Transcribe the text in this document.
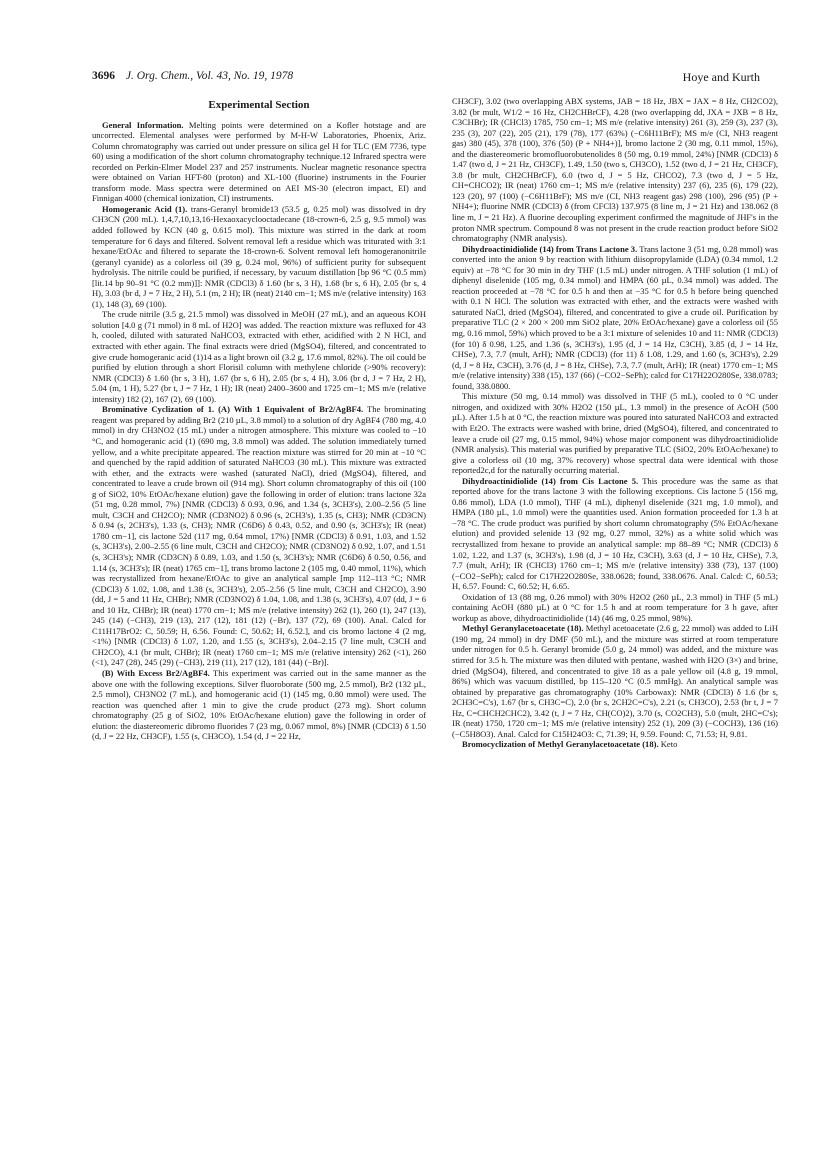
3696 J. Org. Chem., Vol. 43, No. 19, 1978	Hoye and Kurth
Experimental Section

General Information. Melting points were determined on a Kofler hotstage and are uncorrected. Elemental analyses were performed by M-H-W Laboratories, Phoenix, Ariz. Column chromatography was carried out under pressure on silica gel H for TLC (EM 7736, type 60) using a modification of the short column chromatography technique.12 Infrared spectra were recorded on Perkin-Elmer Model 237 and 257 instruments. Nuclear magnetic resonance spectra were obtained on Varian HFT-80 (proton) and XL-100 (fluorine) instruments in the Fourier transform mode. Mass spectra were determined on AEI MS-30 (electron impact, EI) and Finnigan 4000 (chemical ionization, CI) instruments.

Homogeranic Acid (1). trans-Geranyl bromide13 (53.5 g, 0.25 mol) was dissolved in dry CH3CN (200 mL). 1,4,7,10,13,16-Hexaoxacyclooctadecane (18-crown-6, 2.5 g, 9.5 mmol) was added followed by KCN (40 g, 0.615 mol). This mixture was stirred in the dark at room temperature for 6 days and filtered. Solvent removal left a residue which was triturated with 3:1 hexane/EtOAc and filtered to separate the 18-crown-6. Solvent removal left homogeranonitrile (geranyl cyanide) as a colorless oil (39 g, 0.24 mol, 96%) of sufficient purity for subsequent hydrolysis. The nitrile could be purified, if necessary, by vacuum distillation [bp 96 °C (0.5 mm) [lit.14 bp 90–91 °C (0.2 mm)]]: NMR (CDCl3) δ 1.60 (br s, 3 H), 1.68 (br s, 6 H), 2.05 (br s, 4 H), 3.03 (br d, J = 7 Hz, 2 H), 5.1 (m, 2 H); IR (neat) 2140 cm−1; MS m/e (relative intensity) 163 (1), 148 (3), 69 (100).

The crude nitrile (3.5 g, 21.5 mmol) was dissolved in MeOH (27 mL), and an aqueous KOH solution [4.0 g (71 mmol) in 8 mL of H2O] was added. The reaction mixture was refluxed for 43 h, cooled, diluted with saturated NaHCO3, extracted with ether, acidified with 2 N HCl, and extracted with ether again. The final extracts were dried (MgSO4), filtered, and concentrated to give crude homogeranic acid (1)14 as a light brown oil (3.2 g, 17.6 mmol, 82%). The oil could be purified by elution through a short Florisil column with methylene chloride (>90% recovery): NMR (CDCl3) δ 1.60 (br s, 3 H), 1.67 (br s, 6 H), 2.05 (br s, 4 H), 3.06 (br d, J = 7 Hz, 2 H), 5.04 (m, 1 H), 5.27 (br t, J = 7 Hz, 1 H); IR (neat) 2400–3600 and 1725 cm−1; MS m/e (relative intensity) 182 (2), 167 (2), 69 (100).

Brominative Cyclization of 1. (A) With 1 Equivalent of Br2/AgBF4. The brominating reagent was prepared by adding Br2 (210 µL, 3.8 mmol) to a solution of dry AgBF4 (780 mg, 4.0 mmol) in dry CH3NO2 (15 mL) under a nitrogen atmosphere. This mixture was cooled to −10 °C, and homogeranic acid (1) (690 mg, 3.8 mmol) was added. The solution immediately turned yellow, and a white precipitate appeared. The reaction mixture was stirred for 20 min at −10 °C and quenched by the rapid addition of saturated NaHCO3 (30 mL). This mixture was extracted with ether, and the extracts were washed (saturated NaCl), dried (MgSO4), filtered, and concentrated to leave a crude brown oil (914 mg). Short column chromatography of this oil (100 g of SiO2, 10% EtOAc/hexane elution) gave the following in order of elution: trans lactone 32a (51 mg, 0.28 mmol, 7%) [NMR (CDCl3) δ 0.93, 0.96, and 1.34 (s, 3CH3's), 2.00–2.56 (5 line mult, C3CH and CH2CO); NMR (CD3NO2) δ 0.96 (s, 2CH3's), 1.35 (s, CH3); NMR (CD3CN) δ 0.94 (s, 2CH3's), 1.33 (s, CH3); NMR (C6D6) δ 0.43, 0.52, and 0.90 (s, 3CH3's); IR (neat) 1780 cm−1], cis lactone 52d (117 mg, 0.64 mmol, 17%) [NMR (CDCl3) δ 0.91, 1.03, and 1.52 (s, 3CH3's), 2.00–2.55 (6 line mult, C3CH and CH2CO); NMR (CD3NO2) δ 0.92, 1.07, and 1.51 (s, 3CH3's); NMR (CD3CN) δ 0.89, 1.03, and 1.50 (s, 3CH3's); NMR (C6D6) δ 0.50, 0.56, and 1.14 (s, 3CH3's); IR (neat) 1765 cm−1], trans bromo lactone 2 (105 mg, 0.40 mmol, 11%), which was recrystallized from hexane/EtOAc to give an analytical sample [mp 112–113 °C; NMR (CDCl3) δ 1.02, 1.08, and 1.38 (s, 3CH3's), 2.05–2.56 (5 line mult, C3CH and CH2CO), 3.90 (dd, J = 5 and 11 Hz, CHBr); NMR (CD3NO2) δ 1.04, 1.08, and 1.38 (s, 3CH3's), 4.07 (dd, J = 6 and 10 Hz, CHBr); IR (neat) 1770 cm−1; MS m/e (relative intensity) 262 (1), 260 (1), 247 (13), 245 (14) (−CH3), 219 (13), 217 (12), 181 (12) (−Br), 137 (72), 69 (100). Anal. Calcd for C11H17BrO2: C, 50.59; H, 6.56. Found: C, 50.62; H, 6.52.], and cis bromo lactone 4 (2 mg, <1%) [NMR (CDCl3) δ 1.07, 1.20, and 1.55 (s, 3CH3's), 2.04–2.15 (7 line mult, C3CH and CH2CO), 4.1 (br mult, CHBr); IR (neat) 1760 cm−1; MS m/e (relative intensity) 262 (<1), 260 (<1), 247 (28), 245 (29) (−CH3), 219 (11), 217 (12), 181 (44) (−Br)].

(B) With Excess Br2/AgBF4. This experiment was carried out in the same manner as the above one with the following exceptions. Silver fluoroborate (500 mg, 2.5 mmol), Br2 (132 µL, 2.5 mmol), CH3NO2 (7 mL), and homogeranic acid (1) (145 mg, 0.80 mmol) were used. The reaction was quenched after 1 min to give the crude product (273 mg). Short column chromatography (25 g of SiO2, 10% EtOAc/hexane elution) gave the following in order of elution: the diastereomeric dibromo fluorides 7 (23 mg, 0.067 mmol, 8%) [NMR (CDCl3) δ 1.50 (d, J = 22 Hz, CH3CF), 1.55 (s, CH3CO), 1.54 (d, J = 22 Hz,

CH3CF), 3.02 (two overlapping ABX systems, JAB = 18 Hz, JBX = JAX = 8 Hz, CH2CO2), 3.82 (br mult, W1/2 = 16 Hz, CH2CHBrCF), 4.28 (two overlapping dd, JXA = JXB = 8 Hz, C3CHBr); IR (CHCl3) 1785, 750 cm−1; MS m/e (relative intensity) 261 (3), 259 (3), 237 (3), 235 (3), 207 (22), 205 (21), 179 (78), 177 (63%) (−C6H11BrF); MS m/e (CI, NH3 reagent gas) 380 (45), 378 (100), 376 (50) (P + NH4+)], bromo lactone 2 (30 mg, 0.11 mmol, 15%), and the diastereomeric bromofluorobutenolides 8 (50 mg, 0.19 mmol, 24%) [NMR (CDCl3) δ 1.47 (two d, J = 21 Hz, CH3CF), 1.49, 1.50 (two s, CH3CO), 1.52 (two d, J = 21 Hz, CH3CF), 3.8 (br mult, CH2CHBrCF), 6.0 (two d, J = 5 Hz, CHCO2), 7.3 (two d, J = 5 Hz, CH=CHCO2); IR (neat) 1760 cm−1; MS m/e (relative intensity) 237 (6), 235 (6), 179 (22), 123 (20), 97 (100) (−C6H11BrF); MS m/e (CI, NH3 reagent gas) 298 (100), 296 (95) (P + NH4+); fluorine NMR (CDCl3) δ (from CFCl3) 137.975 (8 line m, J = 21 Hz) and 138.062 (8 line m, J = 21 Hz). A fluorine decoupling experiment confirmed the magnitude of JHF's in the proton NMR spectrum. Compound 8 was not present in the crude reaction product before SiO2 chromatography (NMR analysis).

Dihydroactinidiolide (14) from Trans Lactone 3. Trans lactone 3 (51 mg, 0.28 mmol) was converted into the anion 9 by reaction with lithium diisopropylamide (LDA) (0.34 mmol, 1.2 equiv) at −78 °C for 30 min in dry THF (1.5 mL) under nitrogen. A THF solution (1 mL) of diphenyl diselenide (105 mg, 0.34 mmol) and HMPA (60 µL, 0.34 mmol) was added. The reaction proceeded at −78 °C for 0.5 h and then at −35 °C for 0.5 h before being quenched with 0.1 N HCl. The solution was extracted with ether, and the extracts were washed with saturated NaCl, dried (MgSO4), filtered, and concentrated to give a crude oil. Purification by preparative TLC (2 × 200 × 200 mm SiO2 plate, 20% EtOAc/hexane) gave a colorless oil (55 mg, 0.16 mmol, 59%) which proved to be a 3:1 mixture of selenides 10 and 11: NMR (CDCl3) (for 10) δ 0.98, 1.25, and 1.36 (s, 3CH3's), 1.95 (d, J = 14 Hz, C3CH), 3.85 (d, J = 14 Hz, CHSe), 7.3, 7.7 (mult, ArH); NMR (CDCl3) (for 11) δ 1.08, 1.29, and 1.60 (s, 3CH3's), 2.29 (d, J = 8 Hz, C3CH), 3.76 (d, J = 8 Hz, CHSe), 7.3, 7.7 (mult, ArH); IR (neat) 1770 cm−1; MS m/e (relative intensity) 338 (15), 137 (66) (−CO2−SePh); calcd for C17H22O280Se, 338.0783; found, 338.0800.

This mixture (50 mg, 0.14 mmol) was dissolved in THF (5 mL), cooled to 0 °C under nitrogen, and oxidized with 30% H2O2 (150 µL, 1.3 mmol) in the presence of AcOH (500 µL). After 1.5 h at 0 °C, the reaction mixture was poured into saturated NaHCO3 and extracted with Et2O. The extracts were washed with brine, dried (MgSO4), filtered, and concentrated to leave a crude oil (27 mg, 0.15 mmol, 94%) whose major component was dihydroactinidiolide (NMR analysis). This material was purified by preparative TLC (SiO2, 20% EtOAc/hexane) to give a colorless oil (10 mg, 37% recovery) whose spectral data were identical with those reported2c,d for the naturally occurring material.

Dihydroactinidiolide (14) from Cis Lactone 5. This procedure was the same as that reported above for the trans lactone 3 with the following exceptions. Cis lactone 5 (156 mg, 0.86 mmol), LDA (1.0 mmol), THF (4 mL), diphenyl diselenide (321 mg, 1.0 mmol), and HMPA (180 µL, 1.0 mmol) were the quantities used. Anion formation proceeded for 1.3 h at −78 °C. The crude product was purified by short column chromatography (5% EtOAc/hexane elution) and provided selenide 13 (92 mg, 0.27 mmol, 32%) as a white solid which was recrystallized from hexane to provide an analytical sample: mp 88–89 °C; NMR (CDCl3) δ 1.02, 1.22, and 1.37 (s, 3CH3's), 1.98 (d, J = 10 Hz, C3CH), 3.63 (d, J = 10 Hz, CHSe), 7.3, 7.7 (mult, ArH); IR (CHCl3) 1760 cm−1; MS m/e (relative intensity) 338 (73), 137 (100) (−CO2−SePh); calcd for C17H22O280Se, 338.0628; found, 338.0676. Anal. Calcd: C, 60.53; H, 6.57. Found: C, 60.52; H, 6.65.

Oxidation of 13 (88 mg, 0.26 mmol) with 30% H2O2 (260 µL, 2.3 mmol) in THF (5 mL) containing AcOH (880 µL) at 0 °C for 1.5 h and at room temperature for 3 h gave, after workup as above, dihydroactinidiolide (14) (46 mg, 0.25 mmol, 98%).

Methyl Geranylacetoacetate (18). Methyl acetoacetate (2.6 g, 22 mmol) was added to LiH (190 mg, 24 mmol) in dry DMF (50 mL), and the mixture was stirred at room temperature under nitrogen for 0.5 h. Geranyl bromide (5.0 g, 24 mmol) was added, and the mixture was stirred for 3.5 h. The mixture was then diluted with pentane, washed with H2O (3×) and brine, dried (MgSO4), filtered, and concentrated to give 18 as a pale yellow oil (4.8 g, 19 mmol, 86%) which was vacuum distilled, bp 115–120 °C (0.5 mmHg). An analytical sample was obtained by preparative gas chromatography (10% Carbowax): NMR (CDCl3) δ 1.6 (br s, 2CH3C=C's), 1.67 (br s, CH3C=C), 2.0 (br s, 2CH2C=C's), 2.21 (s, CH3CO), 2.53 (br t, J = 7 Hz, C=CHCH2CHC2), 3.42 (t, J = 7 Hz, CH(CO)2), 3.70 (s, CO2CH3), 5.0 (mult, 2HC=C's); IR (neat) 1750, 1720 cm−1; MS m/e (relative intensity) 252 (1), 209 (3) (−COCH3), 136 (16) (−C5H8O3). Anal. Calcd for C15H24O3: C, 71.39; H, 9.59. Found: C, 71.53; H, 9.81.

Bromocyclization of Methyl Geranylacetoacetate (18). Keto
